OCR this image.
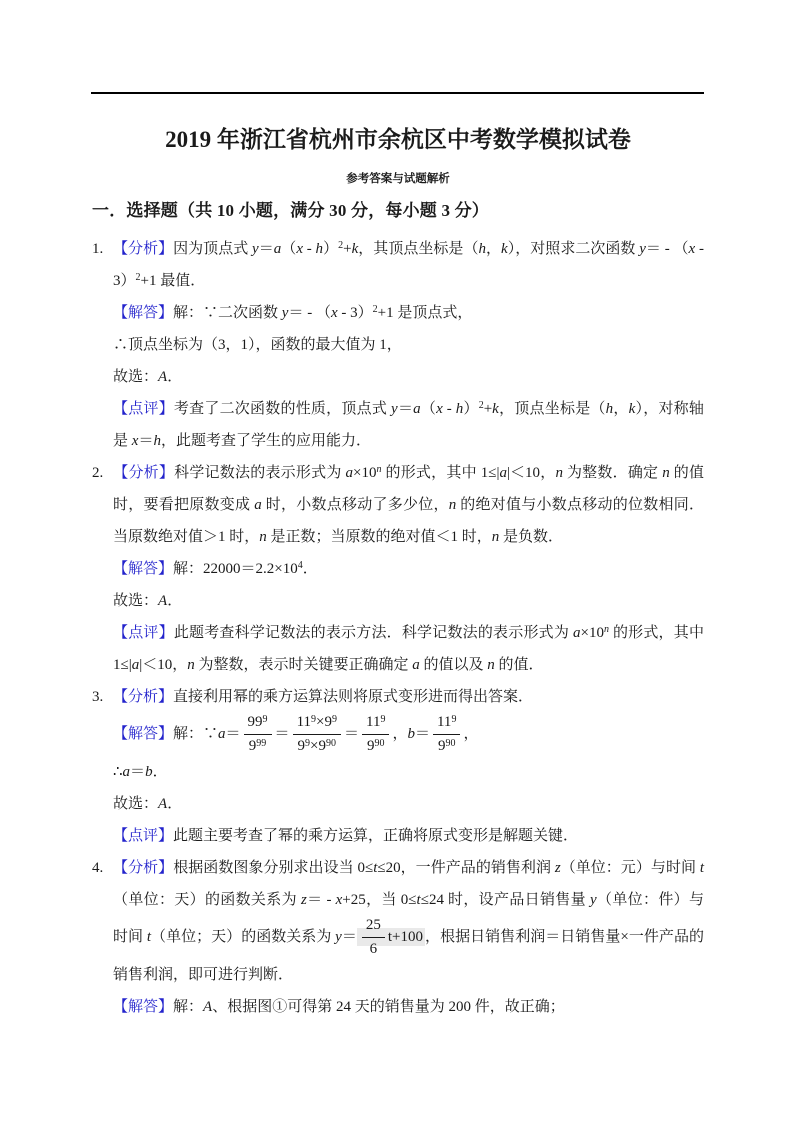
2019 年浙江省杭州市余杭区中考数学模拟试卷
参考答案与试题解析
一．选择题（共 10 小题，满分 30 分，每小题 3 分）

1. 【分析】因为顶点式 y＝a（x - h）$^2$+k，其顶点坐标是（h，k），对照求二次函数 y＝ - （x - 3）$^2$+1 最值．

【解答】解：∵二次函数 y＝ - （x - 3）$^2$+1 是顶点式，

∴顶点坐标为（3，1），函数的最大值为 1，

故选：A．

【点评】考查了二次函数的性质，顶点式 y＝a（x - h）$^2$+k，顶点坐标是（h，k），对称轴是 x＝h，此题考查了学生的应用能力．

2. 【分析】科学记数法的表示形式为 $a\times 10^n$ 的形式，其中 1≤|a|＜10，n 为整数．确定 n 的值时，要看把原数变成 a 时，小数点移动了多少位，n 的绝对值与小数点移动的位数相同．当原数绝对值＞1 时，n 是正数；当原数的绝对值＜1 时，n 是负数．

【解答】解：$22000=2.2\times 10^4$．

故选：A．

【点评】此题考查科学记数法的表示方法．科学记数法的表示形式为 $a\times 10^n$ 的形式，其中 1≤|a|＜10，n 为整数，表示时关键要正确确定 a 的值以及 n 的值．

3. 【分析】直接利用幂的乘方运算法则将原式变形进而得出答案．

【解答】解：∵a＝ $\frac{99^9}{9^{99}} = \frac{11^9\times 9^9}{9^9\times 9^{90}} = \frac{11^9}{9^{90}}$ ，$b= \frac{11^9}{9^{90}}$ ，

∴a＝b．

故选：A．

【点评】此题主要考查了幂的乘方运算，正确将原式变形是解题关键．

4. 【分析】根据函数图象分别求出设当 0≤t≤20，一件产品的销售利润 z（单位：元）与时间 t（单位：天）的函数关系为 z＝ - x+25，当 0≤t≤24 时，设产品日销售量 y（单位：件）与时间 t（单位；天）的函数关系为 $y= \frac{25}{6} t+100$ ，根据日销售利润＝日销售量×一件产品的销售利润，即可进行判断．

【解答】解：A、根据图①可得第 24 天的销售量为 200 件，故正确；
